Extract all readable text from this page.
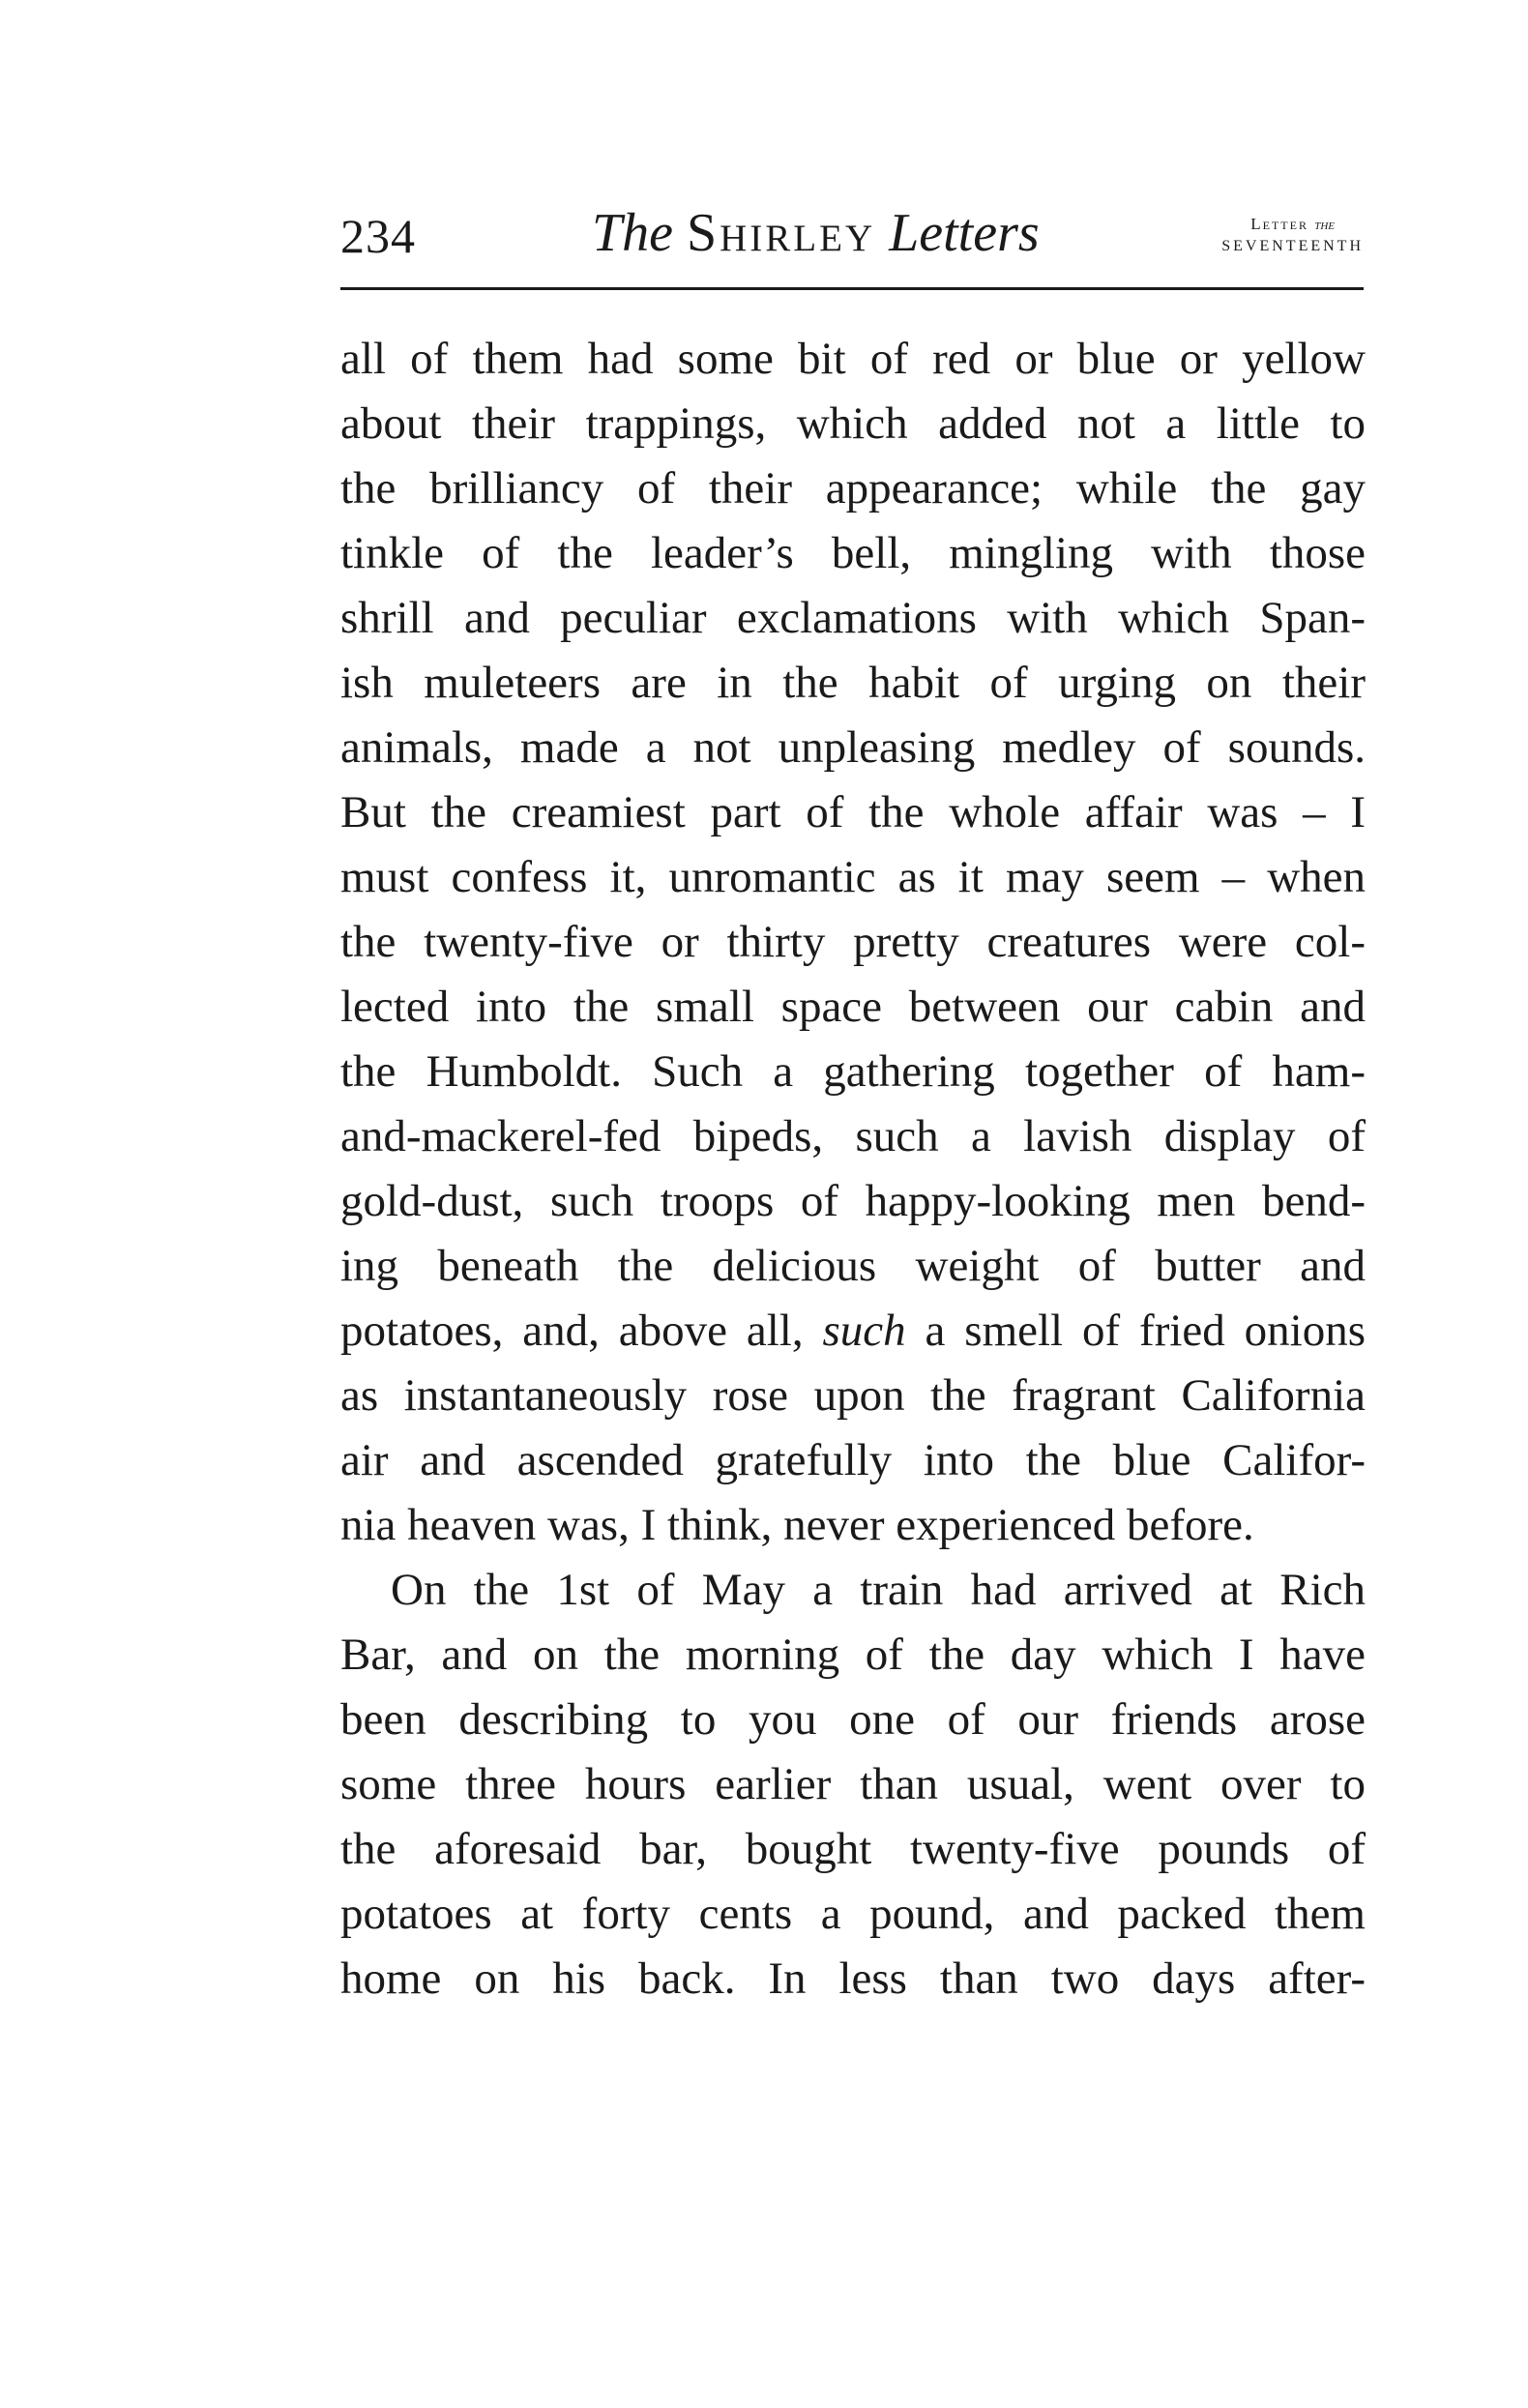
234	The Shirley Letters	Letter the
SEVENTEENTH
all of them had some bit of red or blue or yellow
about their trappings, which added not a little to
the brilliancy of their appearance; while the gay
tinkle of the leader’s bell, mingling with those
shrill and peculiar exclamations with which Span-
ish muleteers are in the habit of urging on their
animals, made a not unpleasing medley of sounds.
But the creamiest part of the whole affair was – I
must confess it, unromantic as it may seem – when
the twenty-five or thirty pretty creatures were col-
lected into the small space between our cabin and
the Humboldt. Such a gathering together of ham-
and-mackerel-fed bipeds, such a lavish display of
gold-dust, such troops of happy-looking men bend-
ing beneath the delicious weight of butter and
potatoes, and, above all, such a smell of fried onions
as instantaneously rose upon the fragrant California
air and ascended gratefully into the blue Califor-
nia heaven was, I think, never experienced before.
On the 1st of May a train had arrived at Rich
Bar, and on the morning of the day which I have
been describing to you one of our friends arose
some three hours earlier than usual, went over to
the aforesaid bar, bought twenty-five pounds of
potatoes at forty cents a pound, and packed them
home on his back. In less than two days after-
